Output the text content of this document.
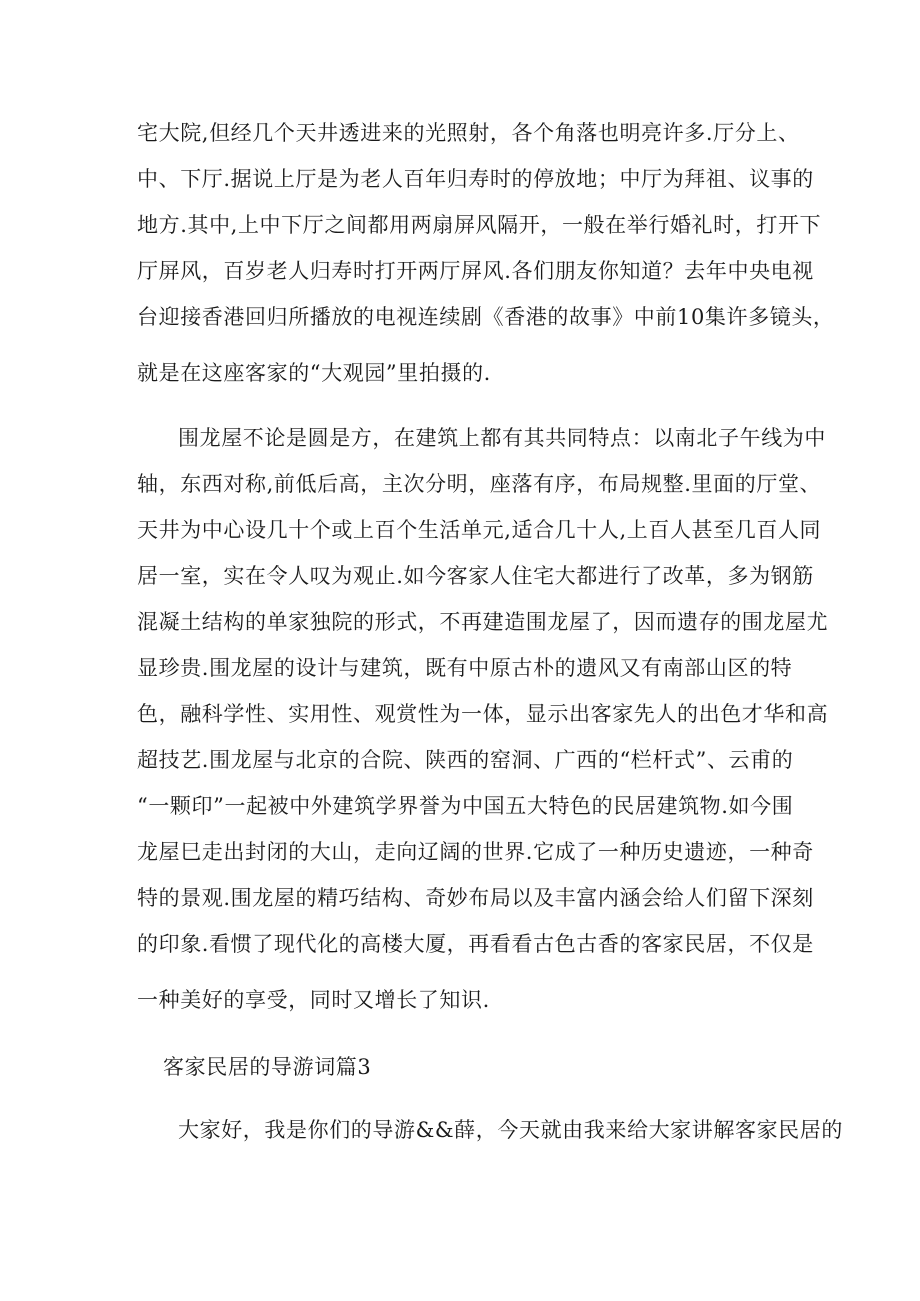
宅大院,但经几个天井透进来的光照射，各个角落也明亮许多.厅分上、
中、下厅.据说上厅是为老人百年归寿时的停放地；中厅为拜祖、议事的
地方.其中,上中下厅之间都用两扇屏风隔开，一般在举行婚礼时，打开下
厅屏风，百岁老人归寿时打开两厅屏风.各们朋友你知道？去年中央电视
台迎接香港回归所播放的电视连续剧《香港的故事》中前10集许多镜头，
就是在这座客家的“大观园”里拍摄的.
围龙屋不论是圆是方，在建筑上都有其共同特点：以南北子午线为中
轴，东西对称,前低后高，主次分明，座落有序，布局规整.里面的厅堂、
天井为中心设几十个或上百个生活单元,适合几十人,上百人甚至几百人同
居一室，实在令人叹为观止.如今客家人住宅大都进行了改革，多为钢筋
混凝土结构的单家独院的形式，不再建造围龙屋了，因而遗存的围龙屋尤
显珍贵.围龙屋的设计与建筑，既有中原古朴的遗风又有南部山区的特
色，融科学性、实用性、观赏性为一体，显示出客家先人的出色才华和高
超技艺.围龙屋与北京的合院、陕西的窑洞、广西的“栏杆式”、云甫的
“一颗印”一起被中外建筑学界誉为中国五大特色的民居建筑物.如今围
龙屋巳走出封闭的大山，走向辽阔的世界.它成了一种历史遗迹，一种奇
特的景观.围龙屋的精巧结构、奇妙布局以及丰富内涵会给人们留下深刻
的印象.看惯了现代化的高楼大厦，再看看古色古香的客家民居，不仅是
一种美好的享受，同时又增长了知识.
客家民居的导游词篇3
大家好，我是你们的导游&&薛，今天就由我来给大家讲解客家民居的
